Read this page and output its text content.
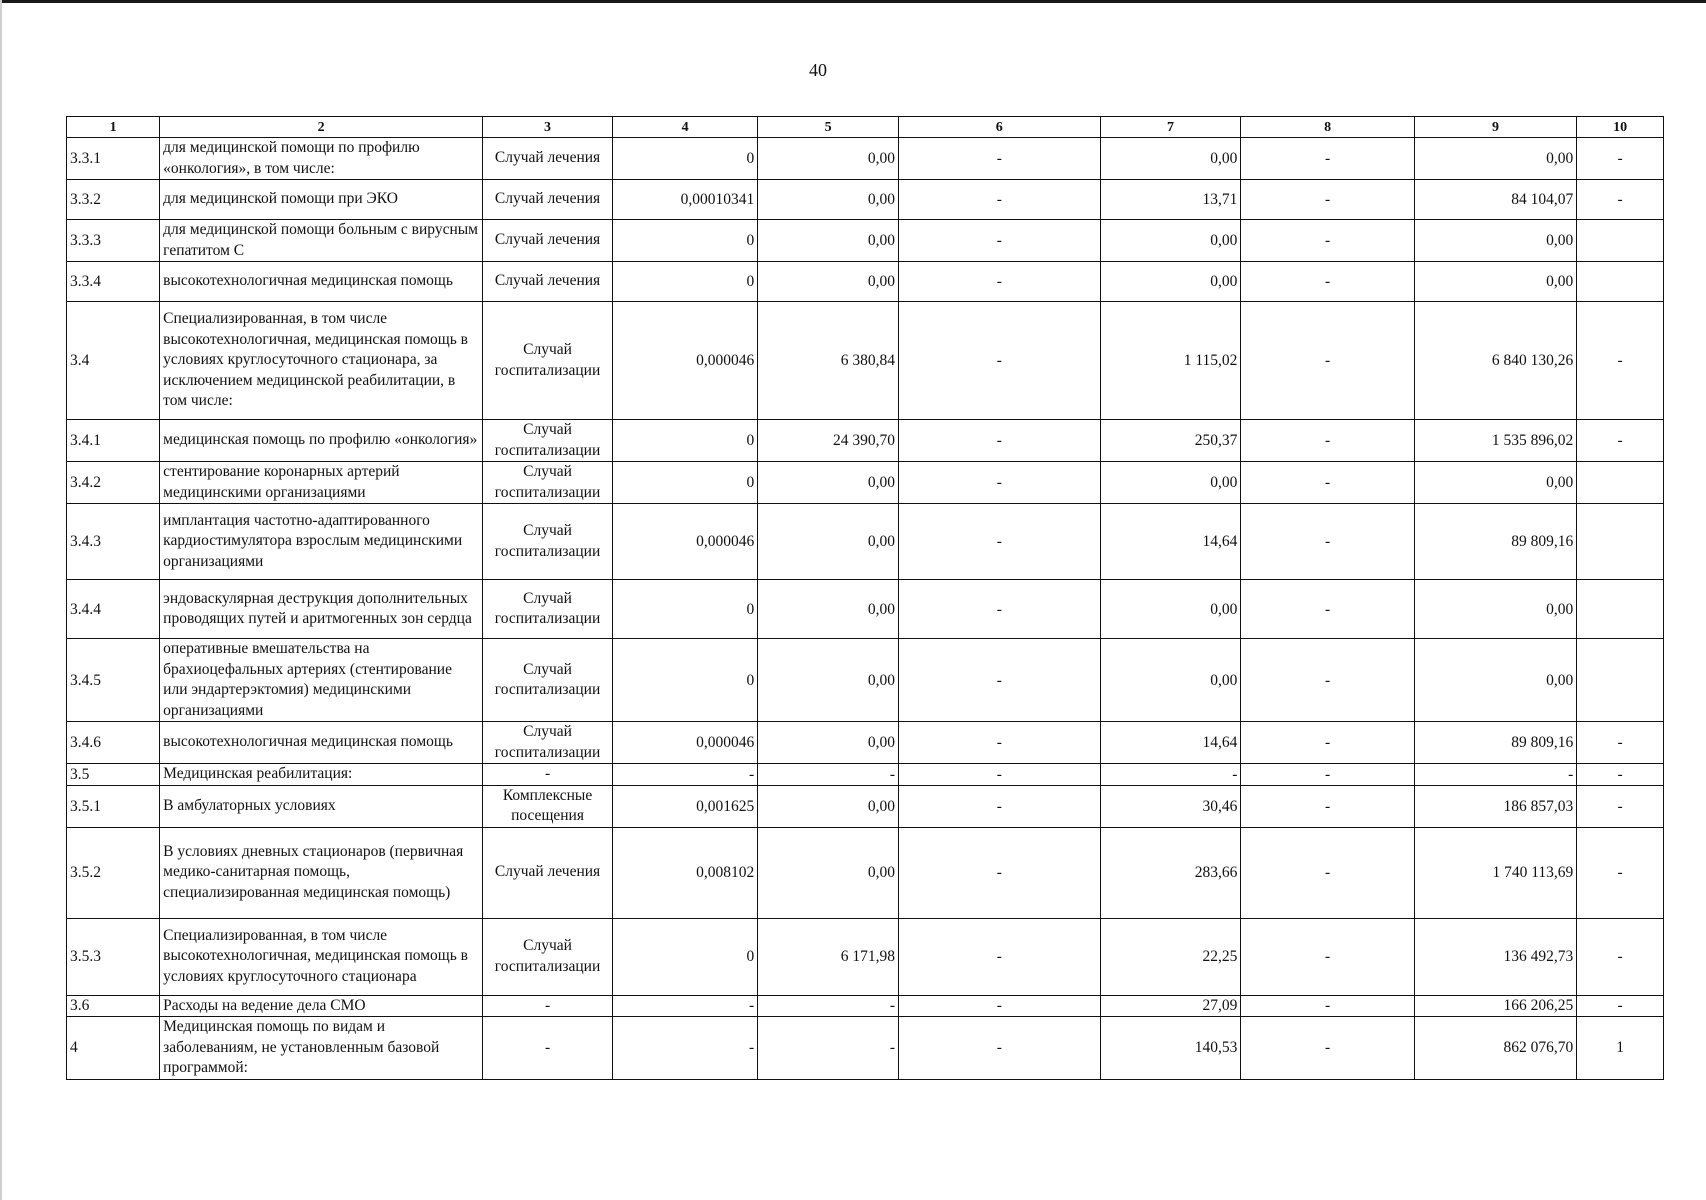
40
1	2	3	4	5	6	7	8	9	10
3.3.1	для медицинской помощи по профилю «онкология», в том числе:	Случай лечения	0	0,00	-	0,00	-	0,00	-
3.3.2	для медицинской помощи при ЭКО	Случай лечения	0,00010341	0,00	-	13,71	-	84 104,07	-
3.3.3	для медицинской помощи больным с вирусным гепатитом С	Случай лечения	0	0,00	-	0,00	-	0,00	
3.3.4	высокотехнологичная медицинская помощь	Случай лечения	0	0,00	-	0,00	-	0,00	
3.4	Специализированная, в том числе высокотехнологичная, медицинская помощь в условиях круглосуточного стационара, за исключением медицинской реабилитации, в том числе:	Случай госпитализации	0,000046	6 380,84	-	1 115,02	-	6 840 130,26	-
3.4.1	медицинская помощь по профилю «онкология»	Случай госпитализации	0	24 390,70	-	250,37	-	1 535 896,02	-
3.4.2	стентирование коронарных артерий медицинскими организациями	Случай госпитализации	0	0,00	-	0,00	-	0,00	
3.4.3	имплантация частотно-адаптированного кардиостимулятора взрослым медицинскими организациями	Случай госпитализации	0,000046	0,00	-	14,64	-	89 809,16	
3.4.4	эндоваскулярная деструкция дополнительных проводящих путей и аритмогенных зон сердца	Случай госпитализации	0	0,00	-	0,00	-	0,00	
3.4.5	оперативные вмешательства на брахиоцефальных артериях (стентирование или эндартерэктомия) медицинскими организациями	Случай госпитализации	0	0,00	-	0,00	-	0,00	
3.4.6	высокотехнологичная медицинская помощь	Случай госпитализации	0,000046	0,00	-	14,64	-	89 809,16	-
3.5	Медицинская реабилитация:	-	-	-	-	-	-	-	-
3.5.1	В амбулаторных условиях	Комплексные посещения	0,001625	0,00	-	30,46	-	186 857,03	-
3.5.2	В условиях дневных стационаров (первичная медико-санитарная помощь, специализированная медицинская помощь)	Случай лечения	0,008102	0,00	-	283,66	-	1 740 113,69	-
3.5.3	Специализированная, в том числе высокотехнологичная, медицинская помощь в условиях круглосуточного стационара	Случай госпитализации	0	6 171,98	-	22,25	-	136 492,73	-
3.6	Расходы на ведение дела СМО	-	-	-	-	27,09	-	166 206,25	-
4	Медицинская помощь по видам и заболеваниям, не установленным базовой программой:	-	-	-	-	140,53	-	862 076,70	1
